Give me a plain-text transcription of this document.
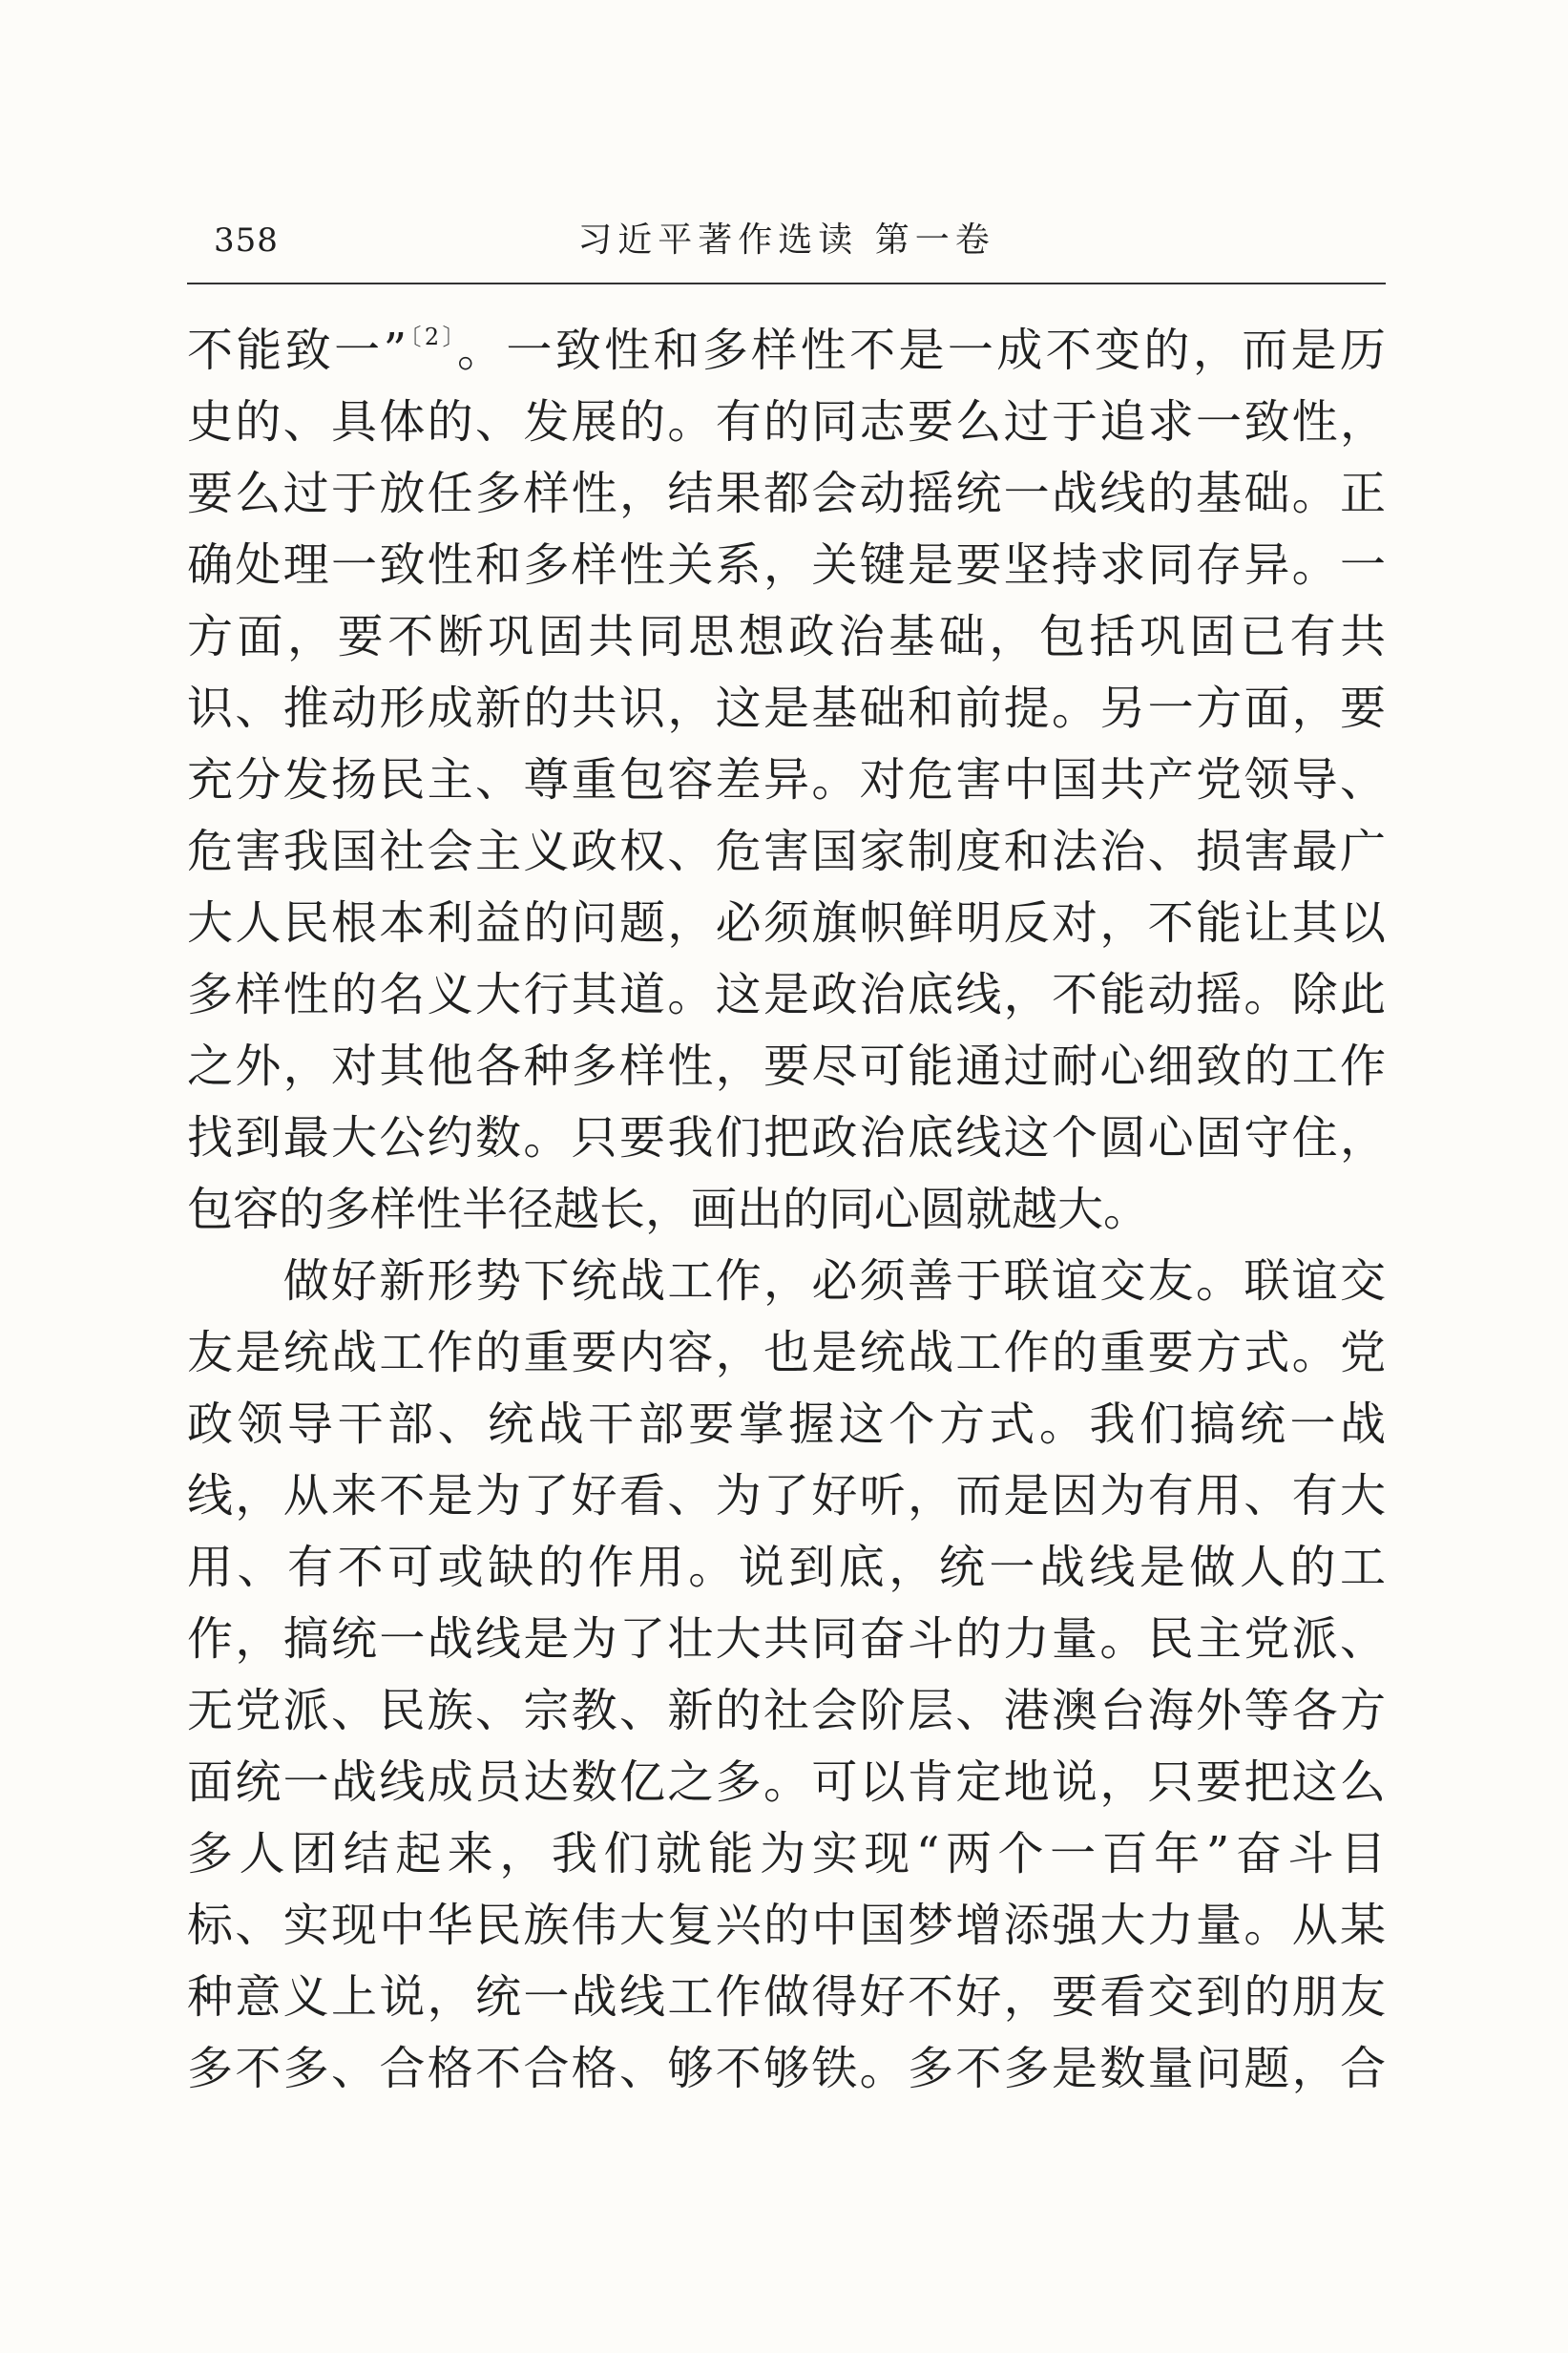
358	习近平著作选读 第一卷
不能致一”$^{〔2〕}$。一致性和多样性不是一成不变的，而是历
史的、具体的、发展的。有的同志要么过于追求一致性，
要么过于放任多样性，结果都会动摇统一战线的基础。正
确处理一致性和多样性关系，关键是要坚持求同存异。一
方面，要不断巩固共同思想政治基础，包括巩固已有共
识、推动形成新的共识，这是基础和前提。另一方面，要
充分发扬民主、尊重包容差异。对危害中国共产党领导、
危害我国社会主义政权、危害国家制度和法治、损害最广
大人民根本利益的问题，必须旗帜鲜明反对，不能让其以
多样性的名义大行其道。这是政治底线，不能动摇。除此
之外，对其他各种多样性，要尽可能通过耐心细致的工作
找到最大公约数。只要我们把政治底线这个圆心固守住，
包容的多样性半径越长，画出的同心圆就越大。
　　做好新形势下统战工作，必须善于联谊交友。联谊交
友是统战工作的重要内容，也是统战工作的重要方式。党
政领导干部、统战干部要掌握这个方式。我们搞统一战
线，从来不是为了好看、为了好听，而是因为有用、有大
用、有不可或缺的作用。说到底，统一战线是做人的工
作，搞统一战线是为了壮大共同奋斗的力量。民主党派、
无党派、民族、宗教、新的社会阶层、港澳台海外等各方
面统一战线成员达数亿之多。可以肯定地说，只要把这么
多人团结起来，我们就能为实现“两个一百年”奋斗目
标、实现中华民族伟大复兴的中国梦增添强大力量。从某
种意义上说，统一战线工作做得好不好，要看交到的朋友
多不多、合格不合格、够不够铁。多不多是数量问题，合
